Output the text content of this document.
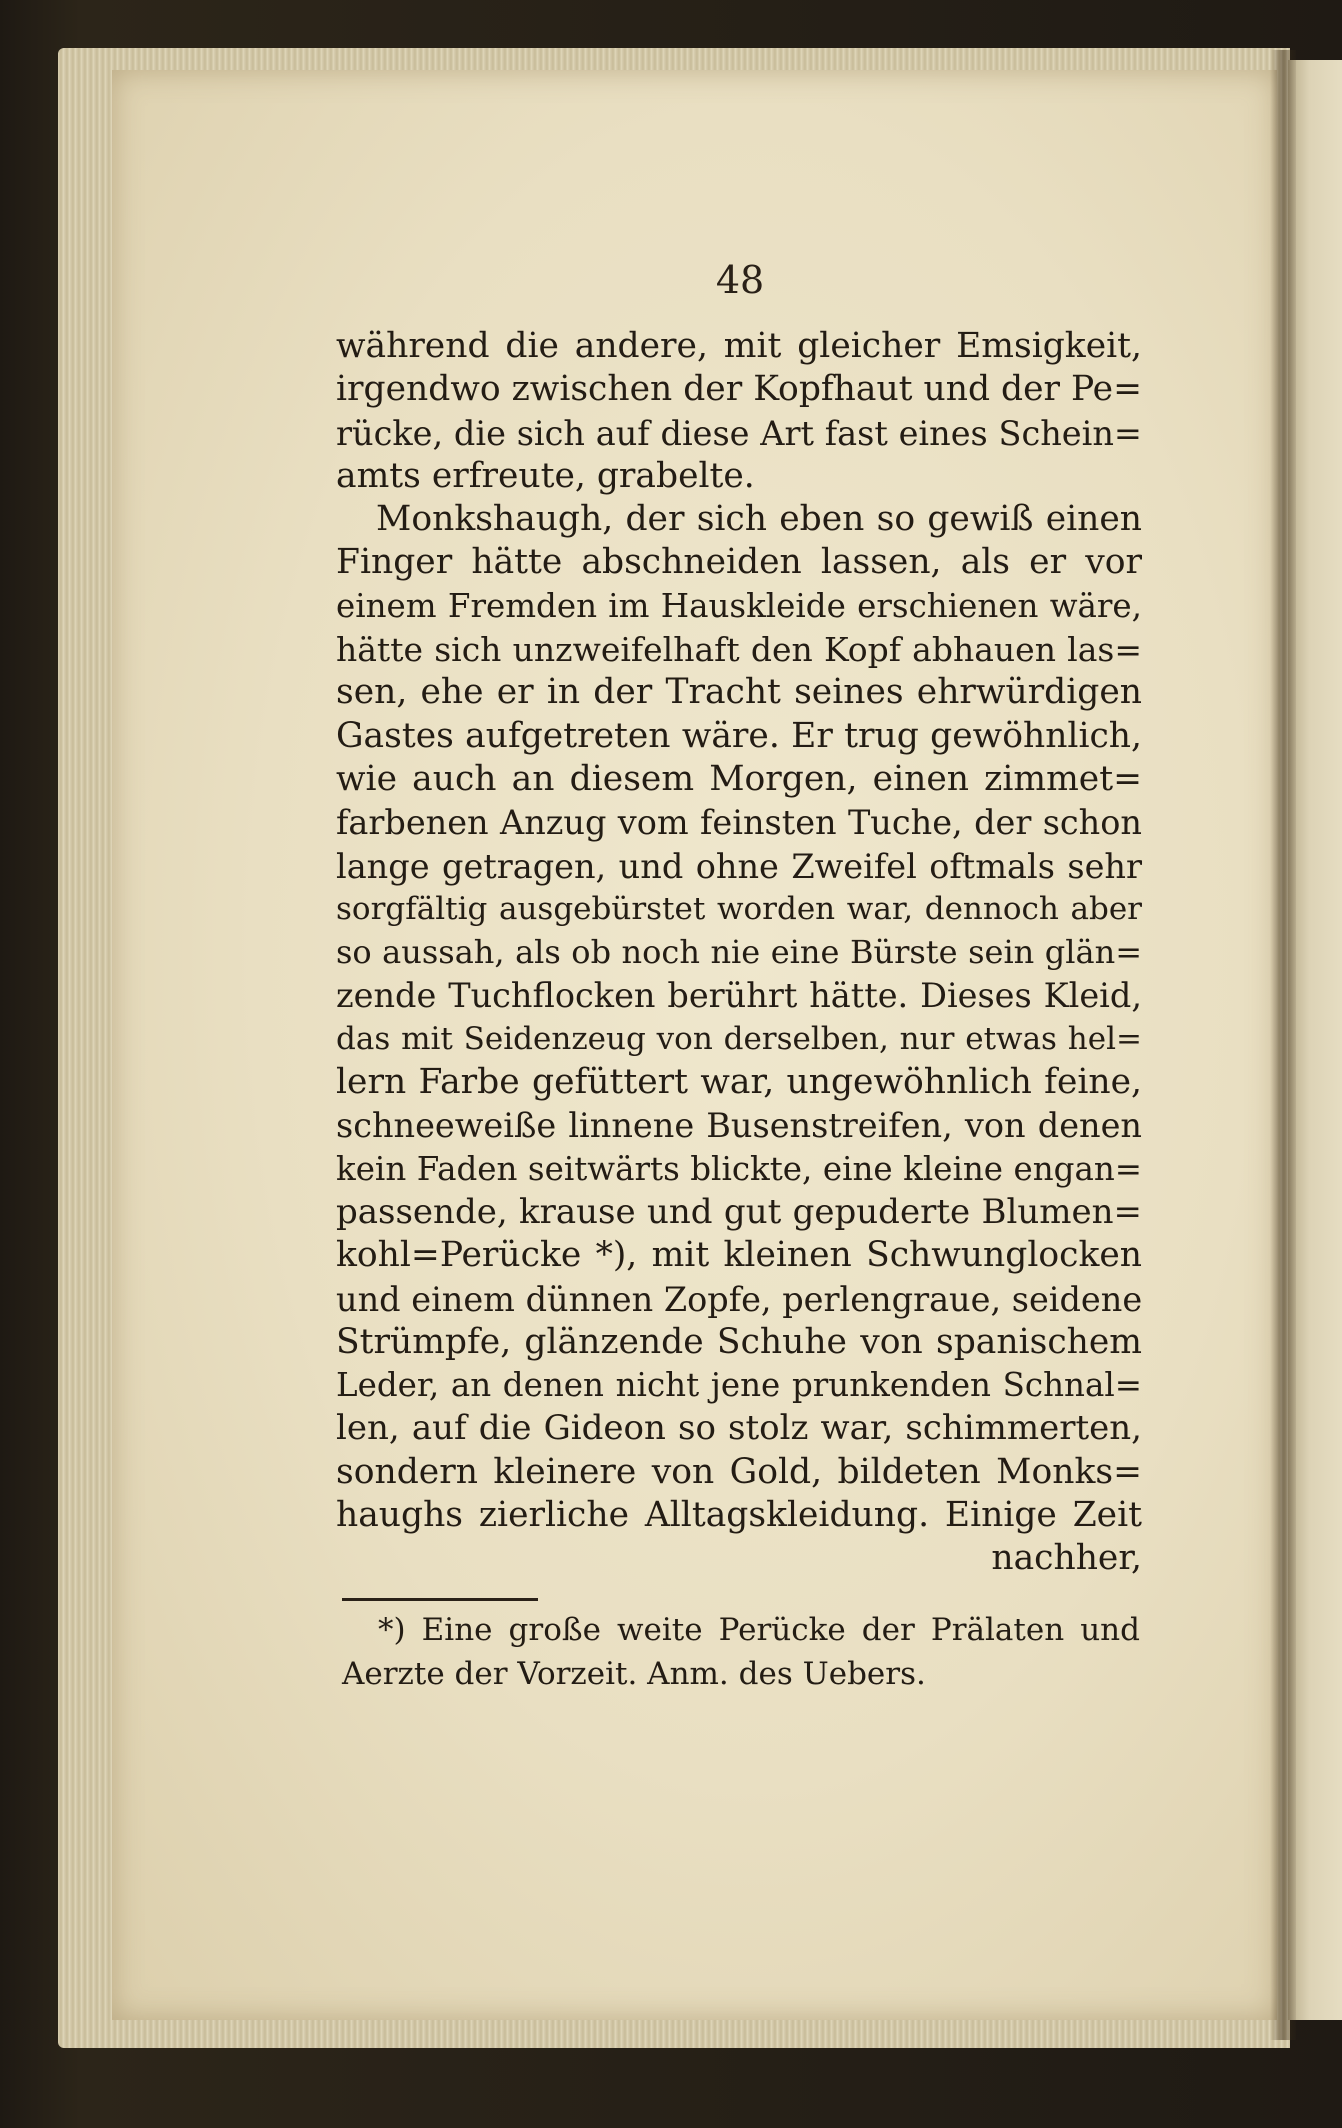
48
während die andere, mit gleicher Emsigkeit,
irgendwo zwischen der Kopfhaut und der Pe=
rücke, die sich auf diese Art fast eines Schein=
amts erfreute, grabelte.
Monkshaugh, der sich eben so gewiß einen
Finger hätte abschneiden lassen, als er vor
einem Fremden im Hauskleide erschienen wäre,
hätte sich unzweifelhaft den Kopf abhauen las=
sen, ehe er in der Tracht seines ehrwürdigen
Gastes aufgetreten wäre. Er trug gewöhnlich,
wie auch an diesem Morgen, einen zimmet=
farbenen Anzug vom feinsten Tuche, der schon
lange getragen, und ohne Zweifel oftmals sehr
sorgfältig ausgebürstet worden war, dennoch aber
so aussah, als ob noch nie eine Bürste sein glän=
zende Tuchflocken berührt hätte. Dieses Kleid,
das mit Seidenzeug von derselben, nur etwas hel=
lern Farbe gefüttert war, ungewöhnlich feine,
schneeweiße linnene Busenstreifen, von denen
kein Faden seitwärts blickte, eine kleine engan=
passende, krause und gut gepuderte Blumen=
kohl=Perücke *), mit kleinen Schwunglocken
und einem dünnen Zopfe, perlengraue, seidene
Strümpfe, glänzende Schuhe von spanischem
Leder, an denen nicht jene prunkenden Schnal=
len, auf die Gideon so stolz war, schimmerten,
sondern kleinere von Gold, bildeten Monks=
haughs zierliche Alltagskleidung. Einige Zeit
nachher,
*) Eine große weite Perücke der Prälaten und
Aerzte der Vorzeit. Anm. des Uebers.
